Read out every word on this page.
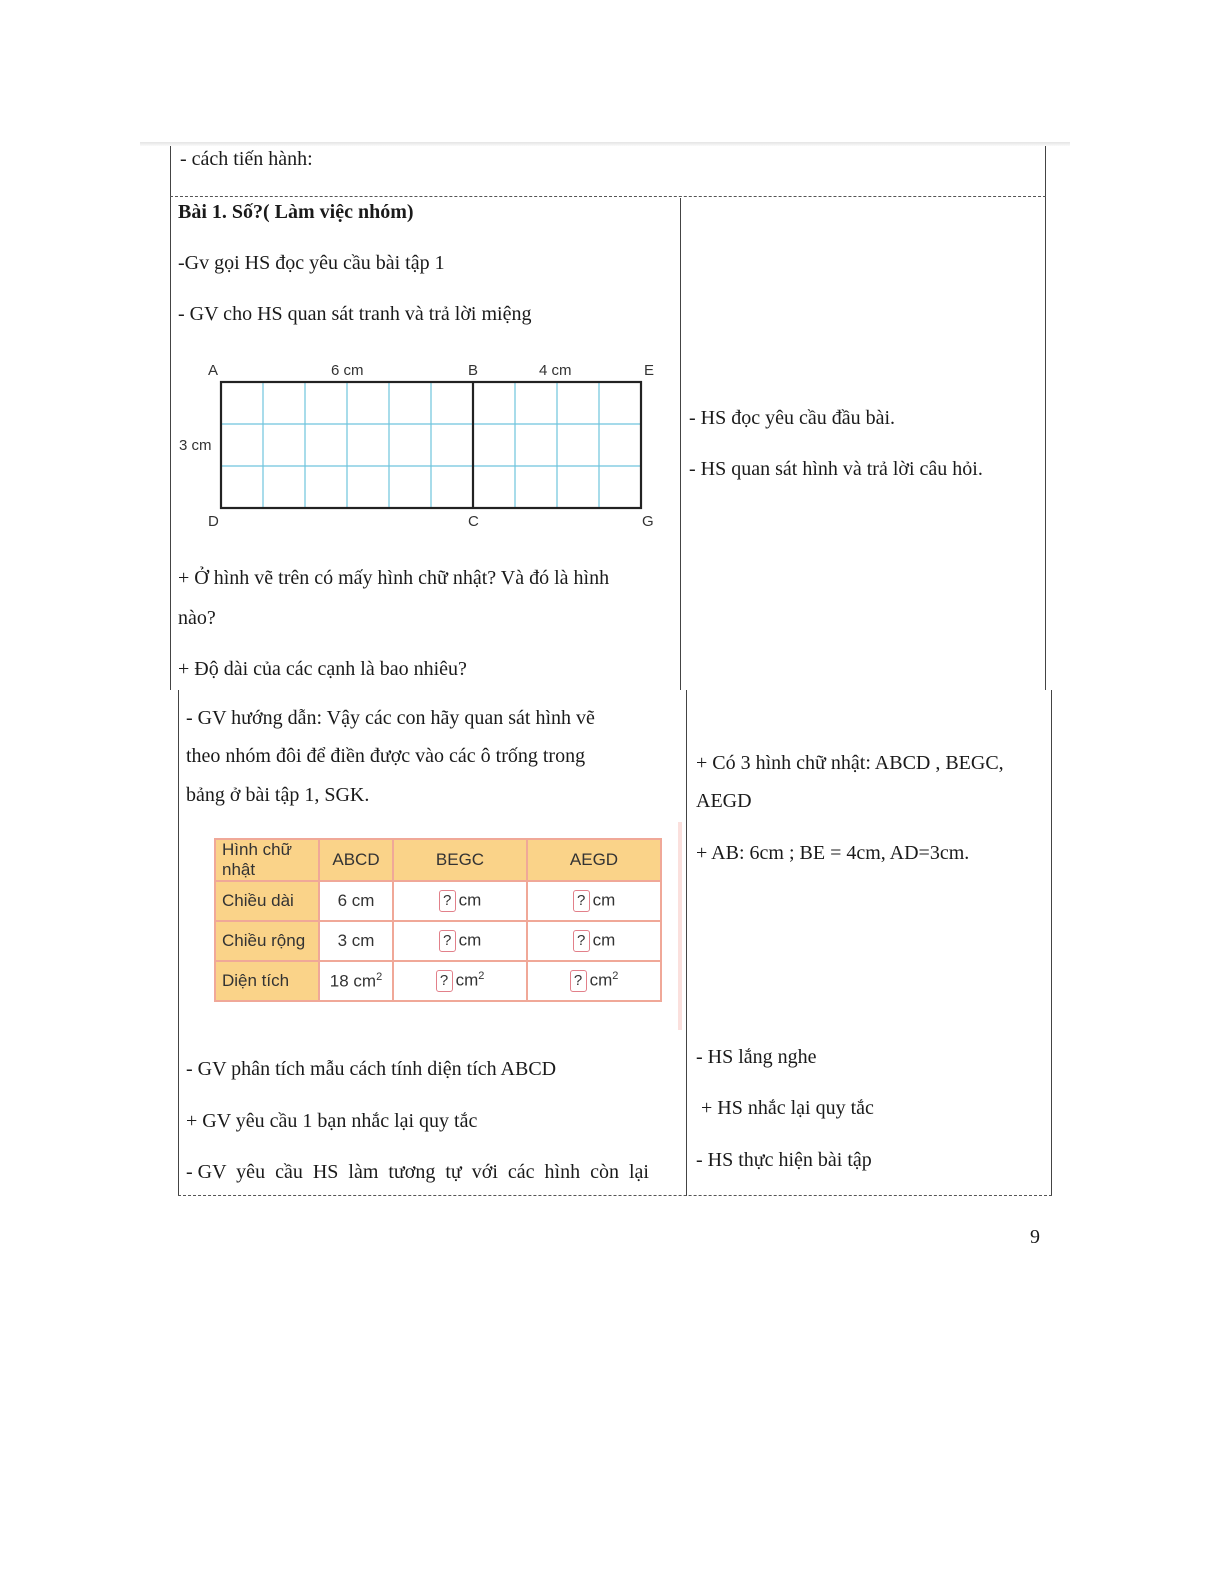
- cách tiến hành:
Bài 1. Số?( Làm việc nhóm)
-Gv gọi HS đọc yêu cầu bài tập 1
- GV cho HS quan sát tranh và trả lời miệng
A	B	E
D	C	G
6 cm	4 cm
3 cm
+ Ở hình vẽ trên có mấy hình chữ nhật? Và đó là hình
nào?
+ Độ dài của các cạnh là bao nhiêu?
- HS đọc yêu cầu đầu bài.
- HS quan sát hình và trả lời câu hỏi.
- GV hướng dẫn: Vậy các con hãy quan sát hình vẽ
theo nhóm đôi để điền được vào các ô trống trong
bảng ở bài tập 1, SGK.
+ Có 3 hình chữ nhật: ABCD , BEGC,
AEGD
+ AB: 6cm ; BE = 4cm, AD=3cm.
Hình chữ nhật	ABCD	BEGC	AEGD
Chiều dài	6 cm	? cm	? cm
Chiều rộng	3 cm	? cm	? cm
Diện tích	18 $cm^2$	? $cm^2$	? $cm^2$
- GV phân tích mẫu cách tính diện tích ABCD
+ GV yêu cầu 1 bạn nhắc lại quy tắc
- GV  yêu  cầu  HS  làm  tương  tự  với  các  hình  còn  lại
- HS lắng nghe
+ HS nhắc lại quy tắc
- HS thực hiện bài tập
9
